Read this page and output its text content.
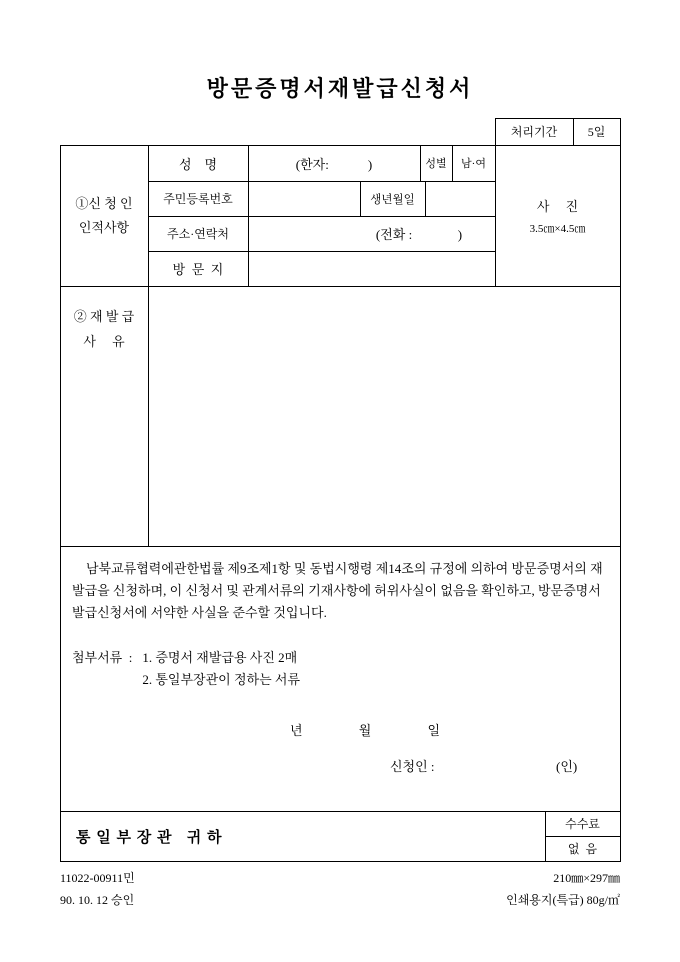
방문증명서재발급신청서
처리기간	5일
①신 청 인
인적사항
성    명	(한자:            )	성별	남·여
주민등록번호	생년월일
주소·연락처	(전화 :              )
방  문  지
사     진
3.5㎝×4.5㎝
② 재 발 급
사     유
남북교류협력에관한법률 제9조제1항 및 동법시행령 제14조의 규정에 의하여 방문증명서의 재발급을 신청하며, 이 신청서 및 관계서류의 기재사항에 허위사실이 없음을 확인하고, 방문증명서발급신청서에 서약한 사실을 준수할 것입니다.
첨부서류  : 1. 증명서 재발급용 사진 2매
2. 통일부장관이 정하는 서류
년	월	일
신청인 :	(인)
통 일 부 장 관   귀 하
수수료
없  음
11022-00911민
90. 10. 12 승인
210㎜×297㎜
인쇄용지(특급) 80g/㎡
